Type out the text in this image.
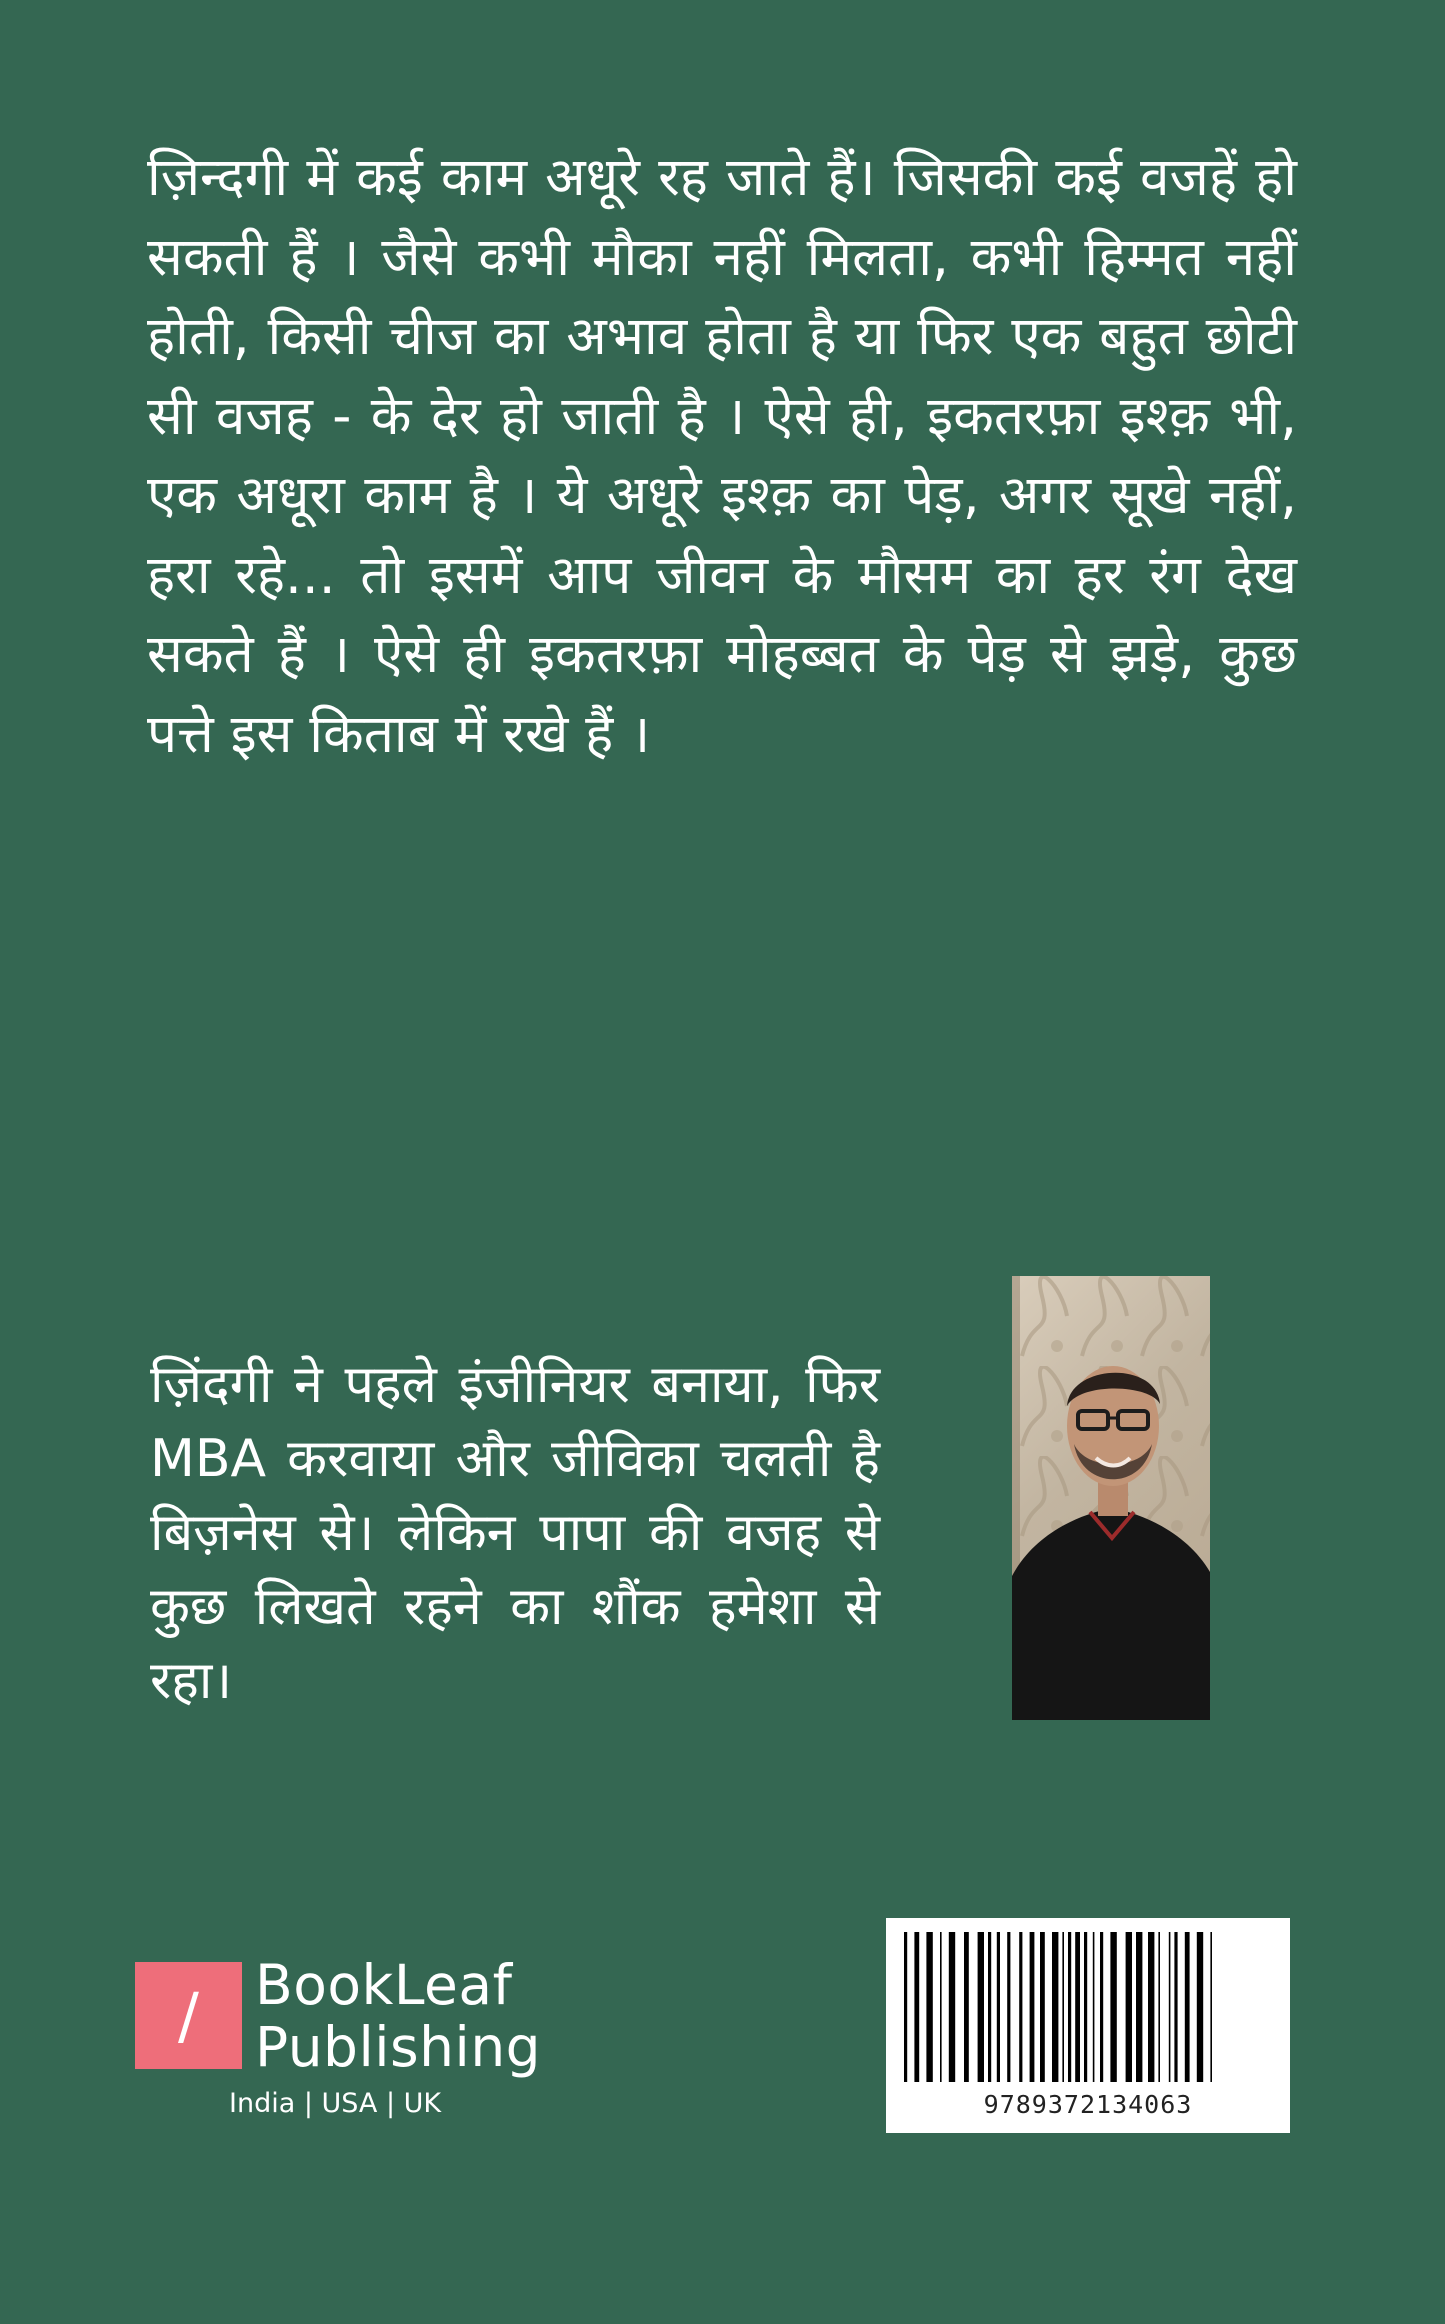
ज़िन्दगी में कई काम अधूरे रह जाते हैं। जिसकी कई वजहें हो सकती हैं । जैसे कभी मौका नहीं मिलता, कभी हिम्मत नहीं होती, किसी चीज का अभाव होता है या फिर एक बहुत छोटी सी वजह - के देर हो जाती है । ऐसे ही, इकतरफ़ा इश्क़ भी, एक अधूरा काम है । ये अधूरे इश्क़ का पेड़, अगर सूखे नहीं, हरा रहे... तो इसमें आप जीवन के मौसम का हर रंग देख सकते हैं । ऐसे ही इकतरफ़ा मोहब्बत के पेड़ से झड़े, कुछ पत्ते इस किताब में रखे हैं ।

ज़िंदगी ने पहले इंजीनियर बनाया, फिर MBA करवाया और जीविका चलती है बिज़नेस से। लेकिन पापा की वजह से कुछ लिखते रहने का शौंक हमेशा से रहा।

/	BookLeaf
Publishing
India | USA | UK	9789372134063
